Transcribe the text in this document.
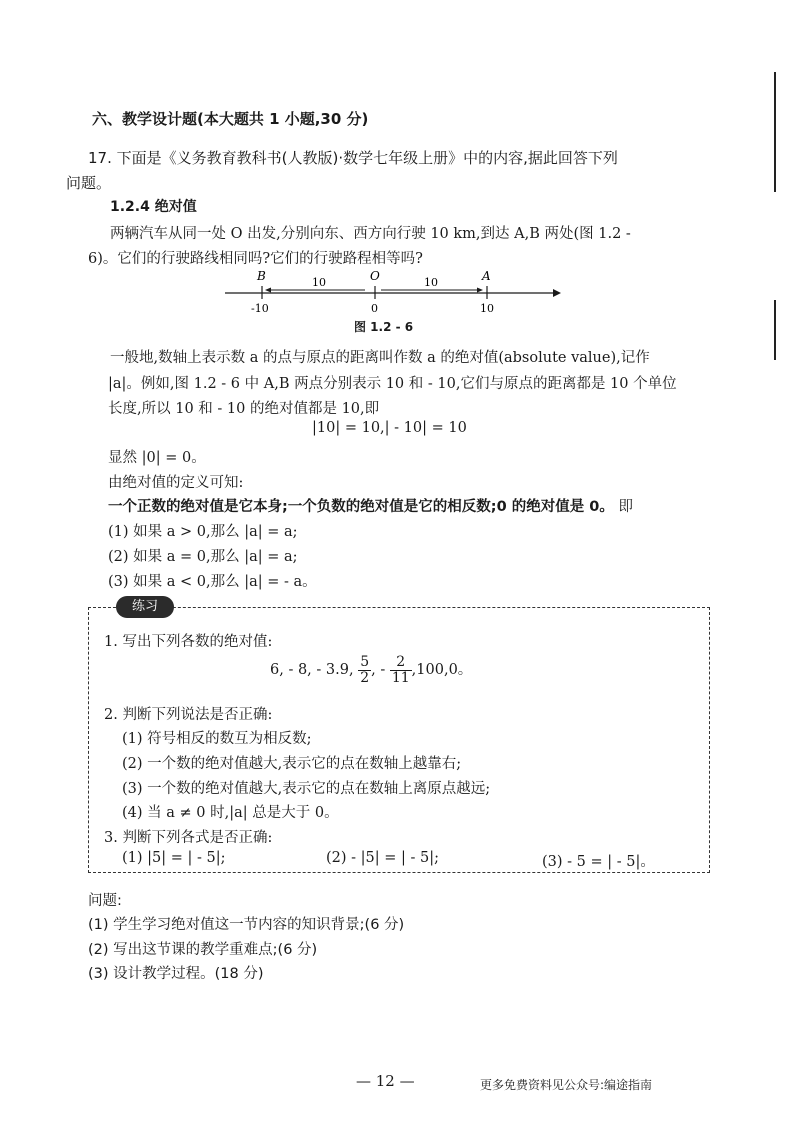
六、教学设计题(本大题共 1 小题,30 分)
17. 下面是《义务教育教科书(人教版)·数学七年级上册》中的内容,据此回答下列
问题。
1.2.4 绝对值
两辆汽车从同一处 O 出发,分别向东、西方向行驶 10 km,到达 A,B 两处(图 1.2 -
6)。它们的行驶路线相同吗?它们的行驶路程相等吗?
B	O	A
10	10
-10	0	10
图 1.2 - 6
一般地,数轴上表示数 a 的点与原点的距离叫作数 a 的绝对值(absolute value),记作
|a|。例如,图 1.2 - 6 中 A,B 两点分别表示 10 和 - 10,它们与原点的距离都是 10 个单位
长度,所以 10 和 - 10 的绝对值都是 10,即
|10| = 10,| - 10| = 10
显然 |0| = 0。
由绝对值的定义可知:
一个正数的绝对值是它本身;一个负数的绝对值是它的相反数;0 的绝对值是 0。 即
(1) 如果 a > 0,那么 |a| = a;
(2) 如果 a = 0,那么 |a| = a;
(3) 如果 a < 0,那么 |a| = - a。
练习
1. 写出下列各数的绝对值:
6, - 8, - 3.9, $\frac{5}{2}$ , - $\frac{2}{11} ,100,0$。
2. 判断下列说法是否正确:
(1) 符号相反的数互为相反数;
(2) 一个数的绝对值越大,表示它的点在数轴上越靠右;
(3) 一个数的绝对值越大,表示它的点在数轴上离原点越远;
(4) 当 a ≠ 0 时,|a| 总是大于 0。
3. 判断下列各式是否正确:
(1) |5| = | - 5|;	(2) - |5| = | - 5|;	(3) - 5 = | - 5|。
问题:
(1) 学生学习绝对值这一节内容的知识背景;(6 分)
(2) 写出这节课的教学重难点;(6 分)
(3) 设计教学过程。(18 分)
— 12 —	更多免费资料见公众号:编途指南
